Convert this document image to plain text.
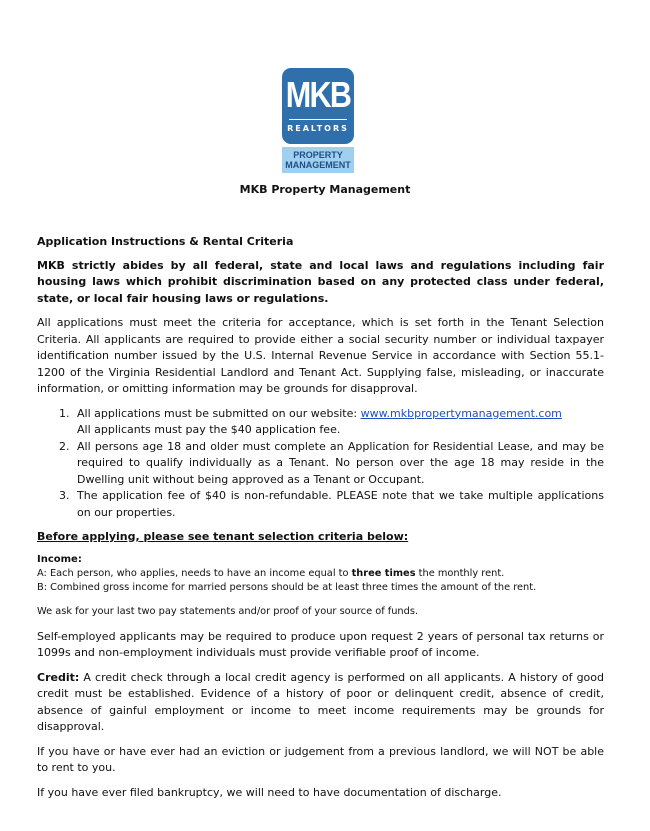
MKB
REALTORS
PROPERTY
MANAGEMENT
MKB Property Management

Application Instructions & Rental Criteria

MKB strictly abides by all federal, state and local laws and regulations including fair housing laws which prohibit discrimination based on any protected class under federal, state, or local fair housing laws or regulations.

All applications must meet the criteria for acceptance, which is set forth in the Tenant Selection Criteria. All applicants are required to provide either a social security number or individual taxpayer identification number issued by the U.S. Internal Revenue Service in accordance with Section 55.1-1200 of the Virginia Residential Landlord and Tenant Act. Supplying false, misleading, or inaccurate information, or omitting information may be grounds for disapproval.

1. All applications must be submitted on our website: www.mkbpropertymanagement.com
All applicants must pay the $40 application fee.
2. All persons age 18 and older must complete an Application for Residential Lease, and may be required to qualify individually as a Tenant. No person over the age 18 may reside in the Dwelling unit without being approved as a Tenant or Occupant.
3. The application fee of $40 is non-refundable. PLEASE note that we take multiple applications on our properties.

Before applying, please see tenant selection criteria below:

Income:

A: Each person, who applies, needs to have an income equal to three times the monthly rent.

B: Combined gross income for married persons should be at least three times the amount of the rent.

We ask for your last two pay statements and/or proof of your source of funds.

Self-employed applicants may be required to produce upon request 2 years of personal tax returns or 1099s and non-employment individuals must provide verifiable proof of income.

Credit: A credit check through a local credit agency is performed on all applicants. A history of good credit must be established. Evidence of a history of poor or delinquent credit, absence of credit, absence of gainful employment or income to meet income requirements may be grounds for disapproval.

If you have or have ever had an eviction or judgement from a previous landlord, we will NOT be able to rent to you.

If you have ever filed bankruptcy, we will need to have documentation of discharge.
